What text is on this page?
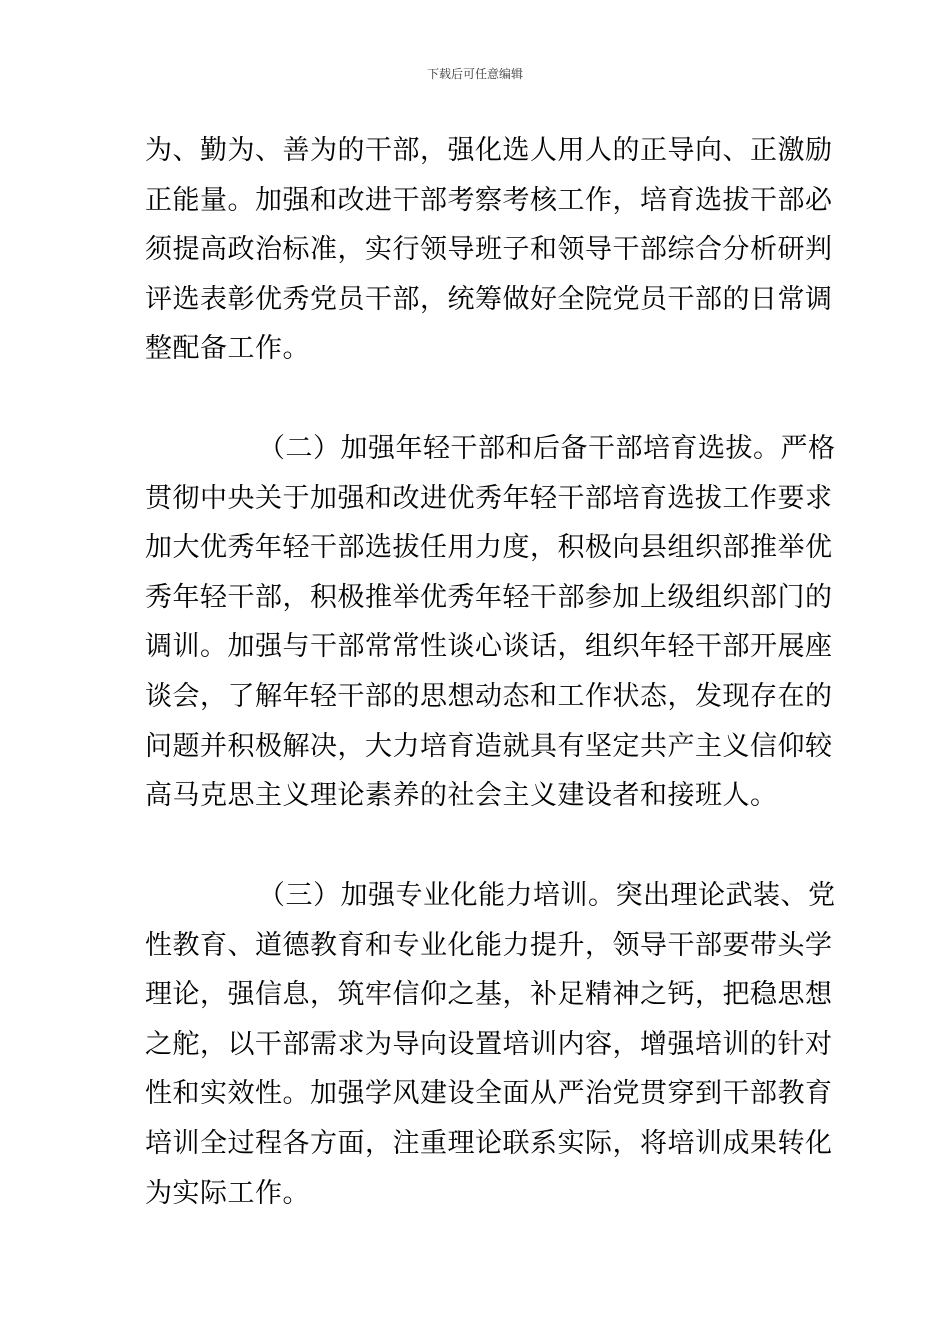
下载后可任意编辑
为、勤为、善为的干部，强化选人用人的正导向、正激励
正能量。加强和改进干部考察考核工作，培育选拔干部必
须提高政治标准，实行领导班子和领导干部综合分析研判
评选表彰优秀党员干部，统筹做好全院党员干部的日常调
整配备工作。
（二）加强年轻干部和后备干部培育选拔。严格
贯彻中央关于加强和改进优秀年轻干部培育选拔工作要求
加大优秀年轻干部选拔任用力度，积极向县组织部推举优
秀年轻干部，积极推举优秀年轻干部参加上级组织部门的
调训。加强与干部常常性谈心谈话，组织年轻干部开展座
谈会，了解年轻干部的思想动态和工作状态，发现存在的
问题并积极解决，大力培育造就具有坚定共产主义信仰较
高马克思主义理论素养的社会主义建设者和接班人。
（三）加强专业化能力培训。突出理论武装、党
性教育、道德教育和专业化能力提升，领导干部要带头学
理论，强信息，筑牢信仰之基，补足精神之钙，把稳思想
之舵，以干部需求为导向设置培训内容，增强培训的针对
性和实效性。加强学风建设全面从严治党贯穿到干部教育
培训全过程各方面，注重理论联系实际，将培训成果转化
为实际工作。
